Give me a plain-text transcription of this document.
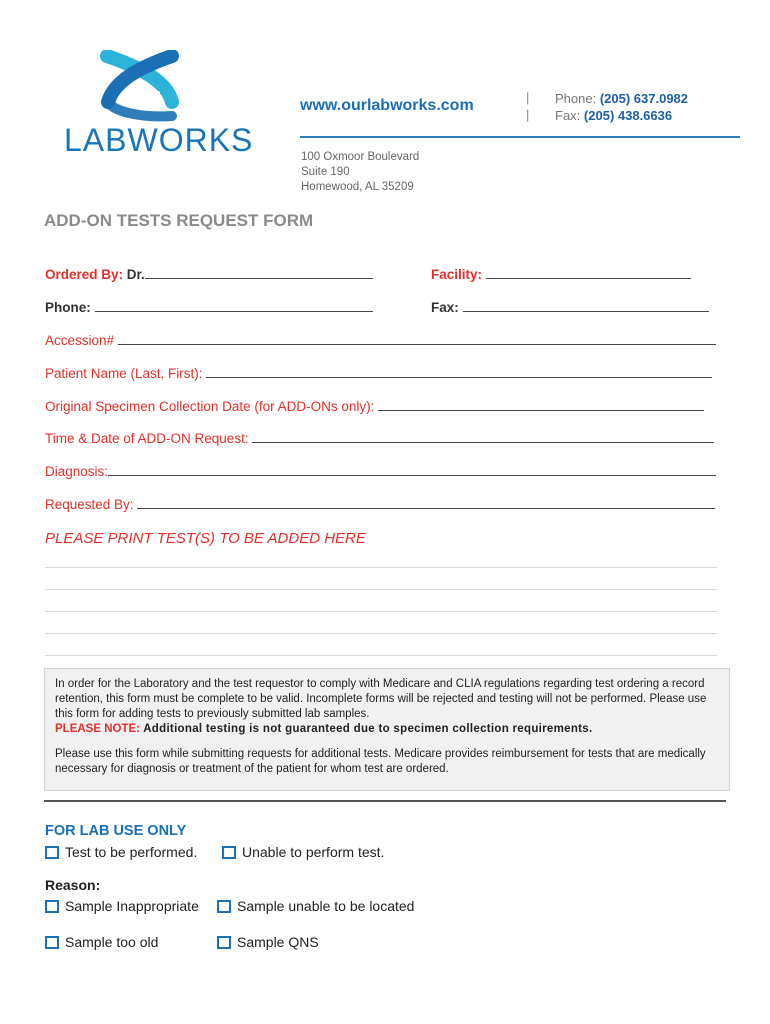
LABWORKS
www.ourlabworks.com	|
|
Phone: (205) 637.0982
Fax: (205) 438.6636
100 Oxmoor Boulevard
Suite 190
Homewood, AL 35209
ADD-ON TESTS REQUEST FORM
Ordered By: Dr.	Facility:
Phone:	Fax:
Accession#
Patient Name (Last, First):
Original Specimen Collection Date (for ADD-ONs only):
Time & Date of ADD-ON Request:
Diagnosis:
Requested By:
PLEASE PRINT TEST(S) TO BE ADDED HERE

In order for the Laboratory and the test requestor to comply with Medicare and CLIA regulations regarding test ordering a record retention, this form must be complete to be valid. Incomplete forms will be rejected and testing will not be performed. Please use this form for adding tests to previously submitted lab samples.

PLEASE NOTE: Additional testing is not guaranteed due to specimen collection requirements.

Please use this form while submitting requests for additional tests. Medicare provides reimbursement for tests that are medically necessary for diagnosis or treatment of the patient for whom test are ordered.

FOR LAB USE ONLY
Test to be performed.	Unable to perform test.
Reason:
Sample Inappropriate	Sample unable to be located
Sample too old	Sample QNS
